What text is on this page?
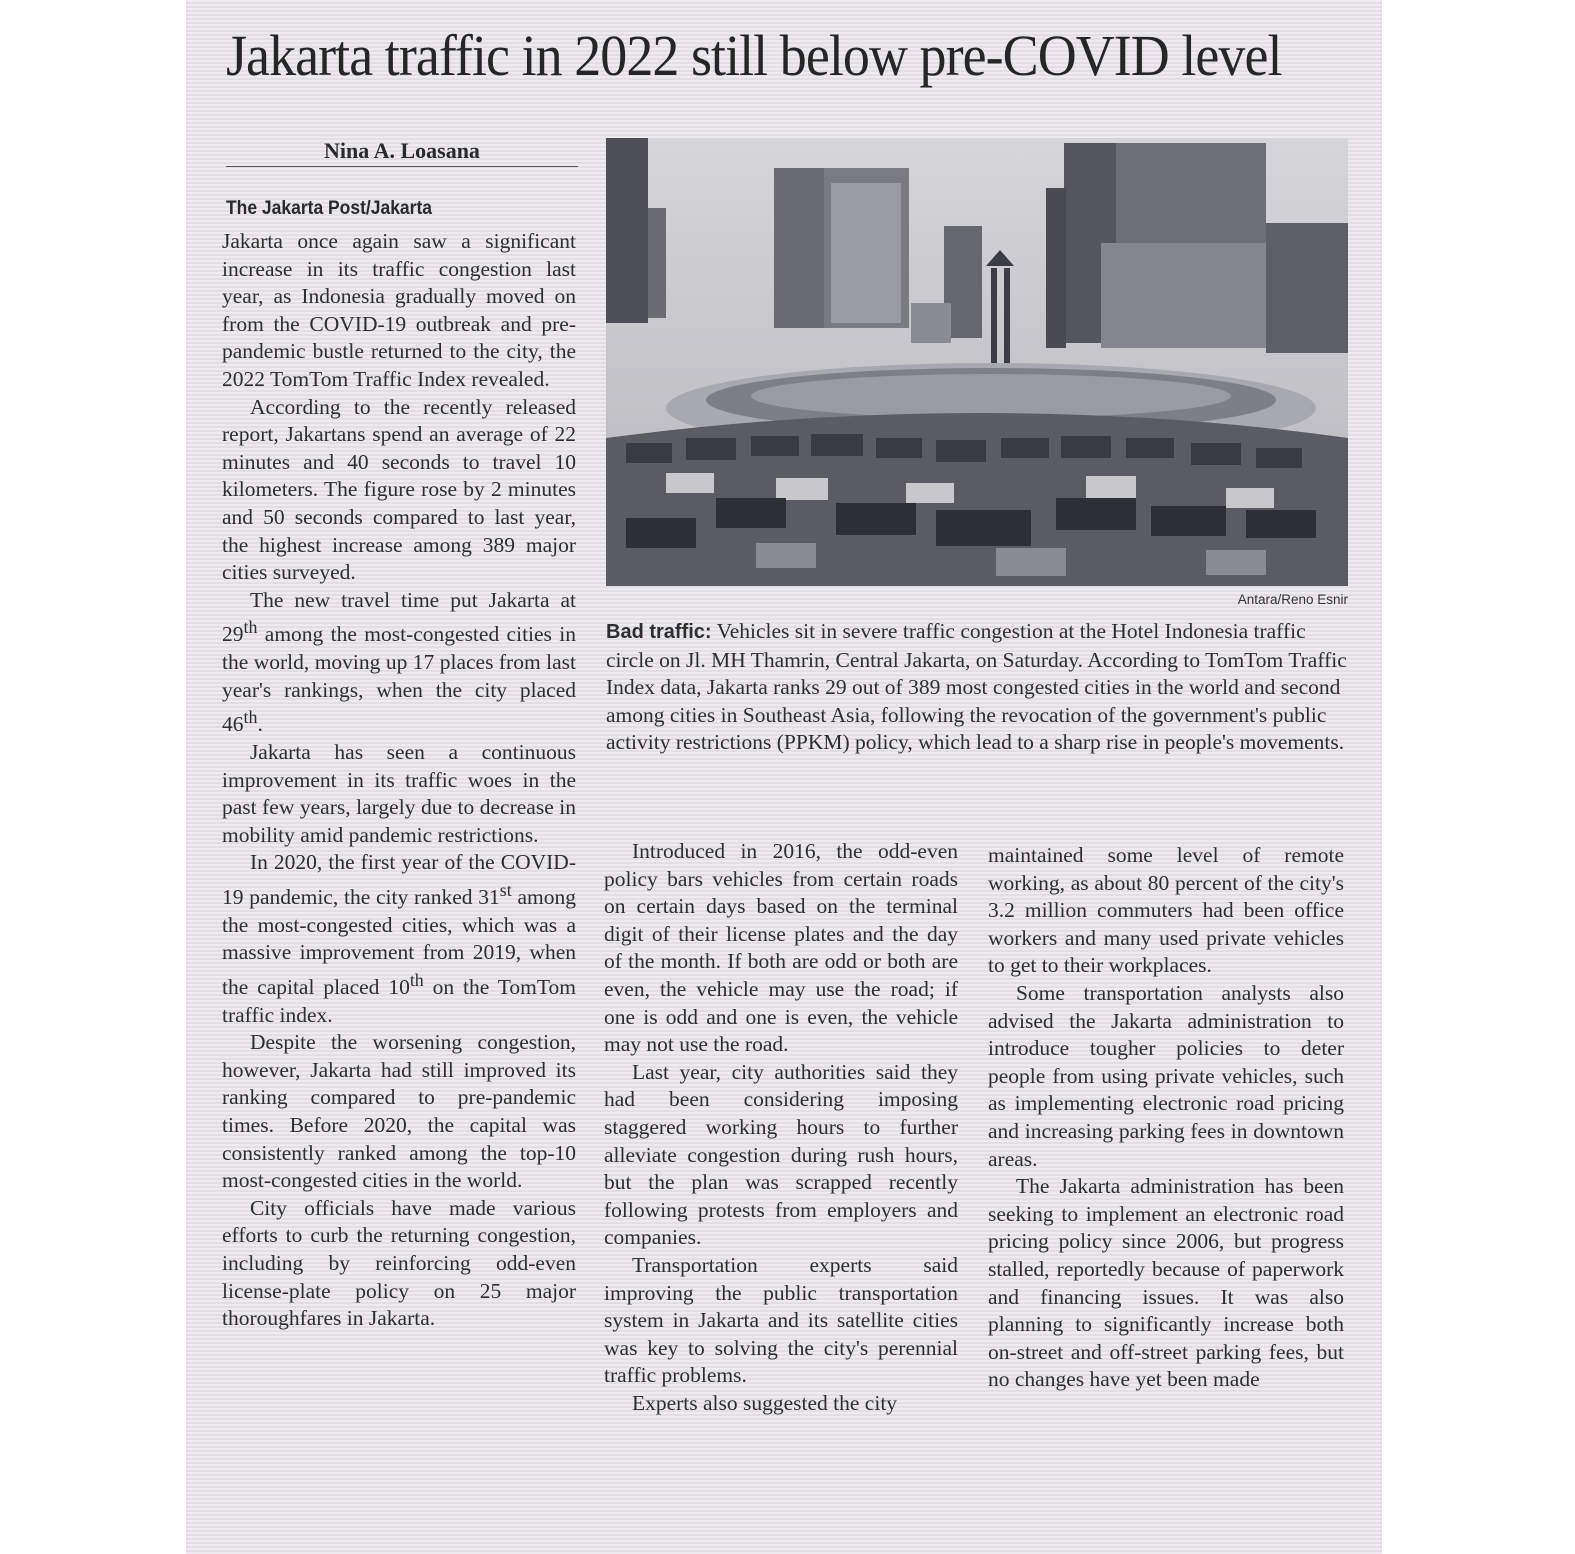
Jakarta traffic in 2022 still below pre-COVID level
Nina A. Loasana
The Jakarta Post/Jakarta

Jakarta once again saw a significant increase in its traffic congestion last year, as Indonesia gradually moved on from the COVID-19 outbreak and pre-pandemic bustle returned to the city, the 2022 TomTom Traffic Index revealed.

According to the recently released report, Jakartans spend an average of 22 minutes and 40 seconds to travel 10 kilometers. The figure rose by 2 minutes and 50 seconds compared to last year, the highest increase among 389 major cities surveyed.

The new travel time put Jakarta at 29th among the most-congested cities in the world, moving up 17 places from last year's rankings, when the city placed 46th.

Jakarta has seen a continuous improvement in its traffic woes in the past few years, largely due to decrease in mobility amid pandemic restrictions.

In 2020, the first year of the COVID-19 pandemic, the city ranked 31st among the most-congested cities, which was a massive improvement from 2019, when the capital placed 10th on the TomTom traffic index.

Despite the worsening congestion, however, Jakarta had still improved its ranking compared to pre-pandemic times. Before 2020, the capital was consistently ranked among the top-10 most-congested cities in the world.

City officials have made various efforts to curb the returning congestion, including by reinforcing odd-even license-plate policy on 25 major thoroughfares in Jakarta.

Antara/Reno Esnir

Bad traffic: Vehicles sit in severe traffic congestion at the Hotel Indonesia traffic circle on Jl. MH Thamrin, Central Jakarta, on Saturday. According to TomTom Traffic Index data, Jakarta ranks 29 out of 389 most congested cities in the world and second among cities in Southeast Asia, following the revocation of the government's public activity restrictions (PPKM) policy, which lead to a sharp rise in people's movements.

Introduced in 2016, the odd-even policy bars vehicles from certain roads on certain days based on the terminal digit of their license plates and the day of the month. If both are odd or both are even, the vehicle may use the road; if one is odd and one is even, the vehicle may not use the road.

Last year, city authorities said they had been considering imposing staggered working hours to further alleviate congestion during rush hours, but the plan was scrapped recently following protests from employers and companies.

Transportation experts said improving the public transportation system in Jakarta and its satellite cities was key to solving the city's perennial traffic problems.

Experts also suggested the city

maintained some level of remote working, as about 80 percent of the city's 3.2 million commuters had been office workers and many used private vehicles to get to their workplaces.

Some transportation analysts also advised the Jakarta administration to introduce tougher policies to deter people from using private vehicles, such as implementing electronic road pricing and increasing parking fees in downtown areas.

The Jakarta administration has been seeking to implement an electronic road pricing policy since 2006, but progress stalled, reportedly because of paperwork and financing issues. It was also planning to significantly increase both on-street and off-street parking fees, but no changes have yet been made
